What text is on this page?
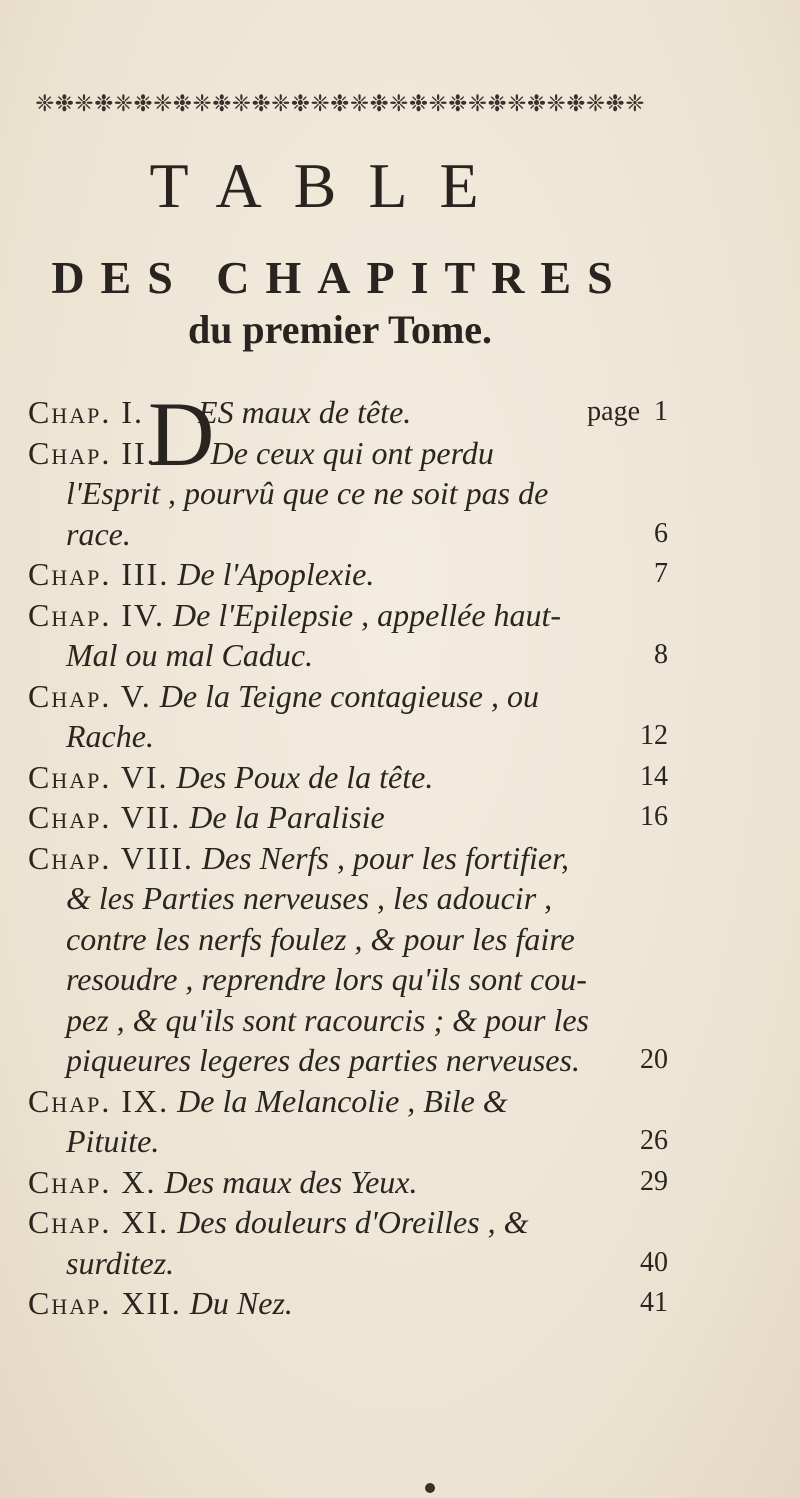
❈❉❈❉❈❉❈❉❈❉❈❉❈❉❈❉❈❉❈❉❈❉❈❉❈❉❈❉❈❉❈
TABLE
DES CHAPITRES
du premier Tome.
Chap. I. ES maux de tête.	page 1
Chap. II. De ceux qui ont perdu
l'Esprit , pourvû que ce ne soit pas de
race.	6
Chap. III. De l'Apoplexie.	7
Chap. IV. De l'Epilepsie , appellée haut-
Mal ou mal Caduc.	8
Chap. V. De la Teigne contagieuse , ou
Rache.	12
Chap. VI. Des Poux de la tête.	14
Chap. VII. De la Paralisie	16
Chap. VIII. Des Nerfs , pour les fortifier,
& les Parties nerveuses , les adoucir ,
contre les nerfs foulez , & pour les faire
resoudre , reprendre lors qu'ils sont cou-
pez , & qu'ils sont racourcis ; & pour les
piqueures legeres des parties nerveuses. 20
Chap. IX. De la Melancolie , Bile &
Pituite.	26
Chap. X. Des maux des Yeux.	29
Chap. XI. Des douleurs d'Oreilles , &
surditez.	40
Chap. XII. Du Nez.	41
D
